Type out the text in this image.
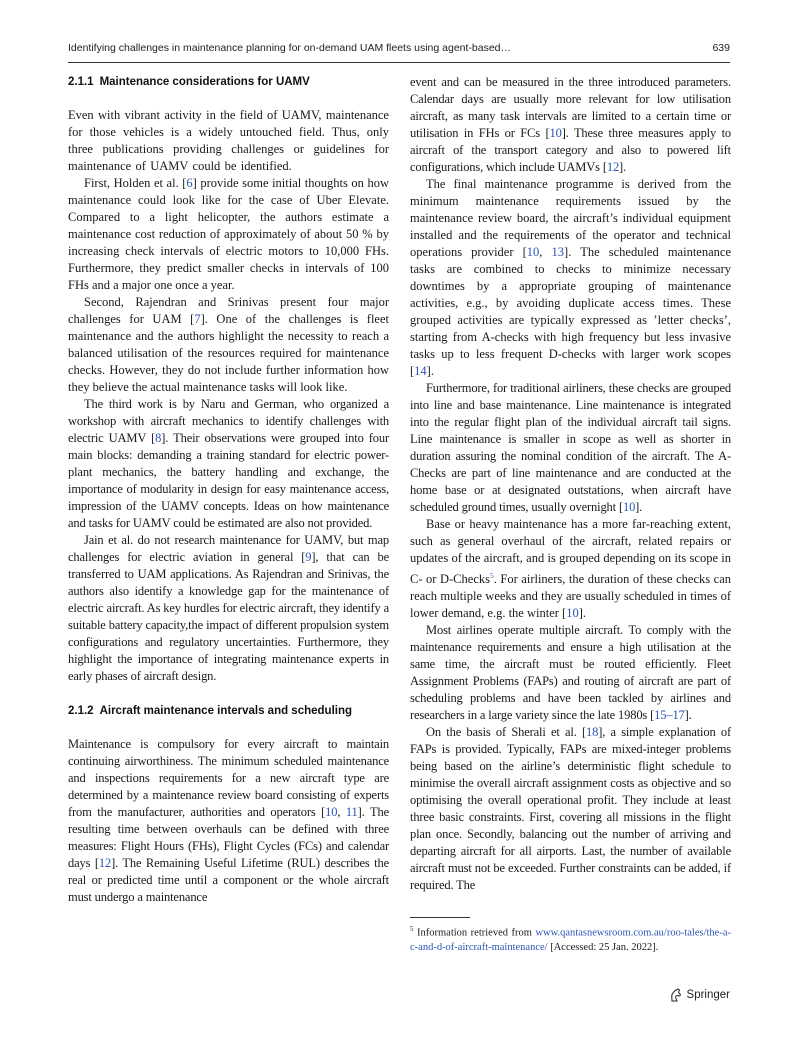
Identifying challenges in maintenance planning for on-demand UAM fleets using agent-based…	639
2.1.1 Maintenance considerations for UAMV

Even with vibrant activity in the field of UAMV, maintenance for those vehicles is a widely untouched field. Thus, only three publications providing challenges or guidelines for maintenance of UAMV could be identified.

First, Holden et al. [6] provide some initial thoughts on how maintenance could look like for the case of Uber Elevate. Compared to a light helicopter, the authors estimate a maintenance cost reduction of approximately of about 50 % by increasing check intervals of electric motors to 10,000 FHs. Furthermore, they predict smaller checks in intervals of 100 FHs and a major one once a year.

Second, Rajendran and Srinivas present four major challenges for UAM [7]. One of the challenges is fleet maintenance and the authors highlight the necessity to reach a balanced utilisation of the resources required for maintenance checks. However, they do not include further information how they believe the actual maintenance tasks will look like.

The third work is by Naru and German, who organized a workshop with aircraft mechanics to identify challenges with electric UAMV [8]. Their observations were grouped into four main blocks: demanding a training standard for electric power-plant mechanics, the battery handling and exchange, the importance of modularity in design for easy maintenance access, impression of the UAMV concepts. Ideas on how maintenance and tasks for UAMV could be estimated are also not provided.

Jain et al. do not research maintenance for UAMV, but map challenges for electric aviation in general [9], that can be transferred to UAM applications. As Rajendran and Srinivas, the authors also identify a knowledge gap for the maintenance of electric aircraft. As key hurdles for electric aircraft, they identify a suitable battery capacity,the impact of different propulsion system configurations and regulatory uncertainties. Furthermore, they highlight the importance of integrating maintenance experts in early phases of aircraft design.

2.1.2 Aircraft maintenance intervals and scheduling

Maintenance is compulsory for every aircraft to maintain continuing airworthiness. The minimum scheduled maintenance and inspections requirements for a new aircraft type are determined by a maintenance review board consisting of experts from the manufacturer, authorities and operators [10, 11]. The resulting time between overhauls can be defined with three measures: Flight Hours (FHs), Flight Cycles (FCs) and calendar days [12]. The Remaining Useful Lifetime (RUL) describes the real or predicted time until a component or the whole aircraft must undergo a maintenance

event and can be measured in the three introduced parameters. Calendar days are usually more relevant for low utilisation aircraft, as many task intervals are limited to a certain time or utilisation in FHs or FCs [10]. These three measures apply to aircraft of the transport category and also to powered lift configurations, which include UAMVs [12].

The final maintenance programme is derived from the minimum maintenance requirements issued by the maintenance review board, the aircraft’s individual equipment installed and the requirements of the operator and technical operations provider [10, 13]. The scheduled maintenance tasks are combined to checks to minimize necessary downtimes by a appropriate grouping of maintenance activities, e.g., by avoiding duplicate access times. These grouped activities are typically expressed as ’letter checks’, starting from A-checks with high frequency but less invasive tasks up to less frequent D-checks with larger work scopes [14].

Furthermore, for traditional airliners, these checks are grouped into line and base maintenance. Line maintenance is integrated into the regular flight plan of the individual aircraft tail signs. Line maintenance is smaller in scope as well as shorter in duration assuring the nominal condition of the aircraft. The A-Checks are part of line maintenance and are conducted at the home base or at designated outstations, when aircraft have scheduled ground times, usually overnight [10].

Base or heavy maintenance has a more far-reaching extent, such as general overhaul of the aircraft, related repairs or updates of the aircraft, and is grouped depending on its scope in C- or D-Checks$^5$. For airliners, the duration of these checks can reach multiple weeks and they are usually scheduled in times of lower demand, e.g. the winter [10].

Most airlines operate multiple aircraft. To comply with the maintenance requirements and ensure a high utilisation at the same time, the aircraft must be routed efficiently. Fleet Assignment Problems (FAPs) and routing of aircraft are part of scheduling problems and have been tackled by airlines and researchers in a large variety since the late 1980s [15–17].

On the basis of Sherali et al. [18], a simple explanation of FAPs is provided. Typically, FAPs are mixed-integer problems being based on the airline’s deterministic flight schedule to minimise the overall aircraft assignment costs as objective and so optimising the overall operational profit. They include at least three basic constraints. First, covering all missions in the flight plan once. Secondly, balancing out the number of arriving and departing aircraft for all airports. Last, the number of available aircraft must not be exceeded. Further constraints can be added, if required. The

$^5$ Information retrieved from www.qantasnewsroom.com.au/roo-tales/the-a-c-and-d-of-aircraft-maintenance/ [Accessed: 25 Jan. 2022].

Springer
